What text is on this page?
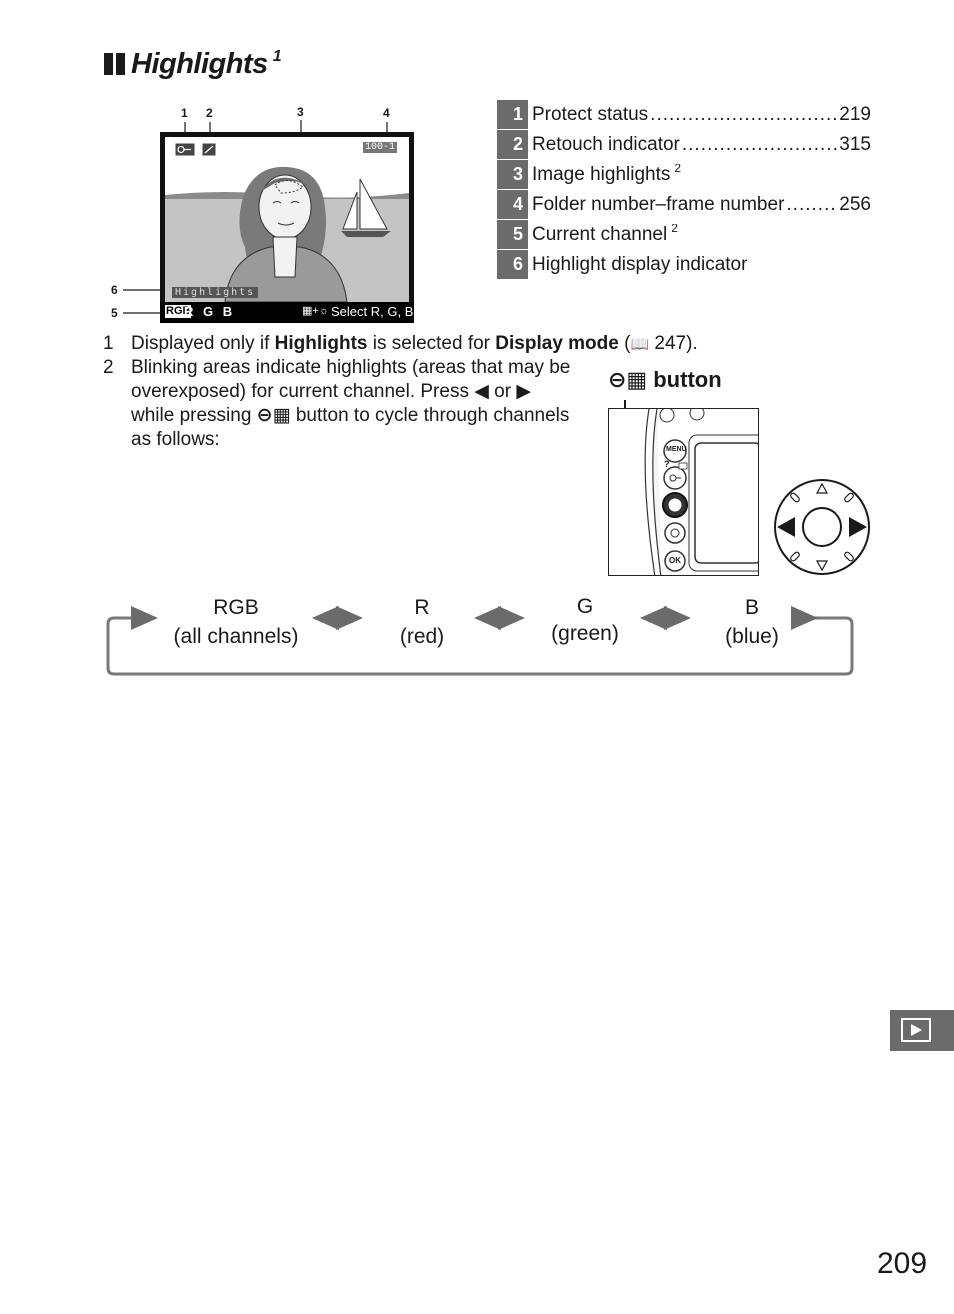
Highlights 1
1 2	3	4
6
5
100-1
Highlights
RGB
R G B	▦+☼ Select R, G, B
1 Protect status .....	219
2 Retouch indicator .....	315
3 Image highlights 2
4 Folder number–frame number .....	256
5 Current channel 2
6 Highlight display indicator
1 Displayed only if Highlights is selected for Display mode (📖 247).
2 Blinking areas indicate highlights (areas that may be overexposed) for current channel. Press ◀ or ▶
while pressing ⊖▦ button to cycle through channels as follows:
⊖▦ button
MENU
?
OK
RGB
(all channels)
R
(red)
G
(green)
B
(blue)
209
